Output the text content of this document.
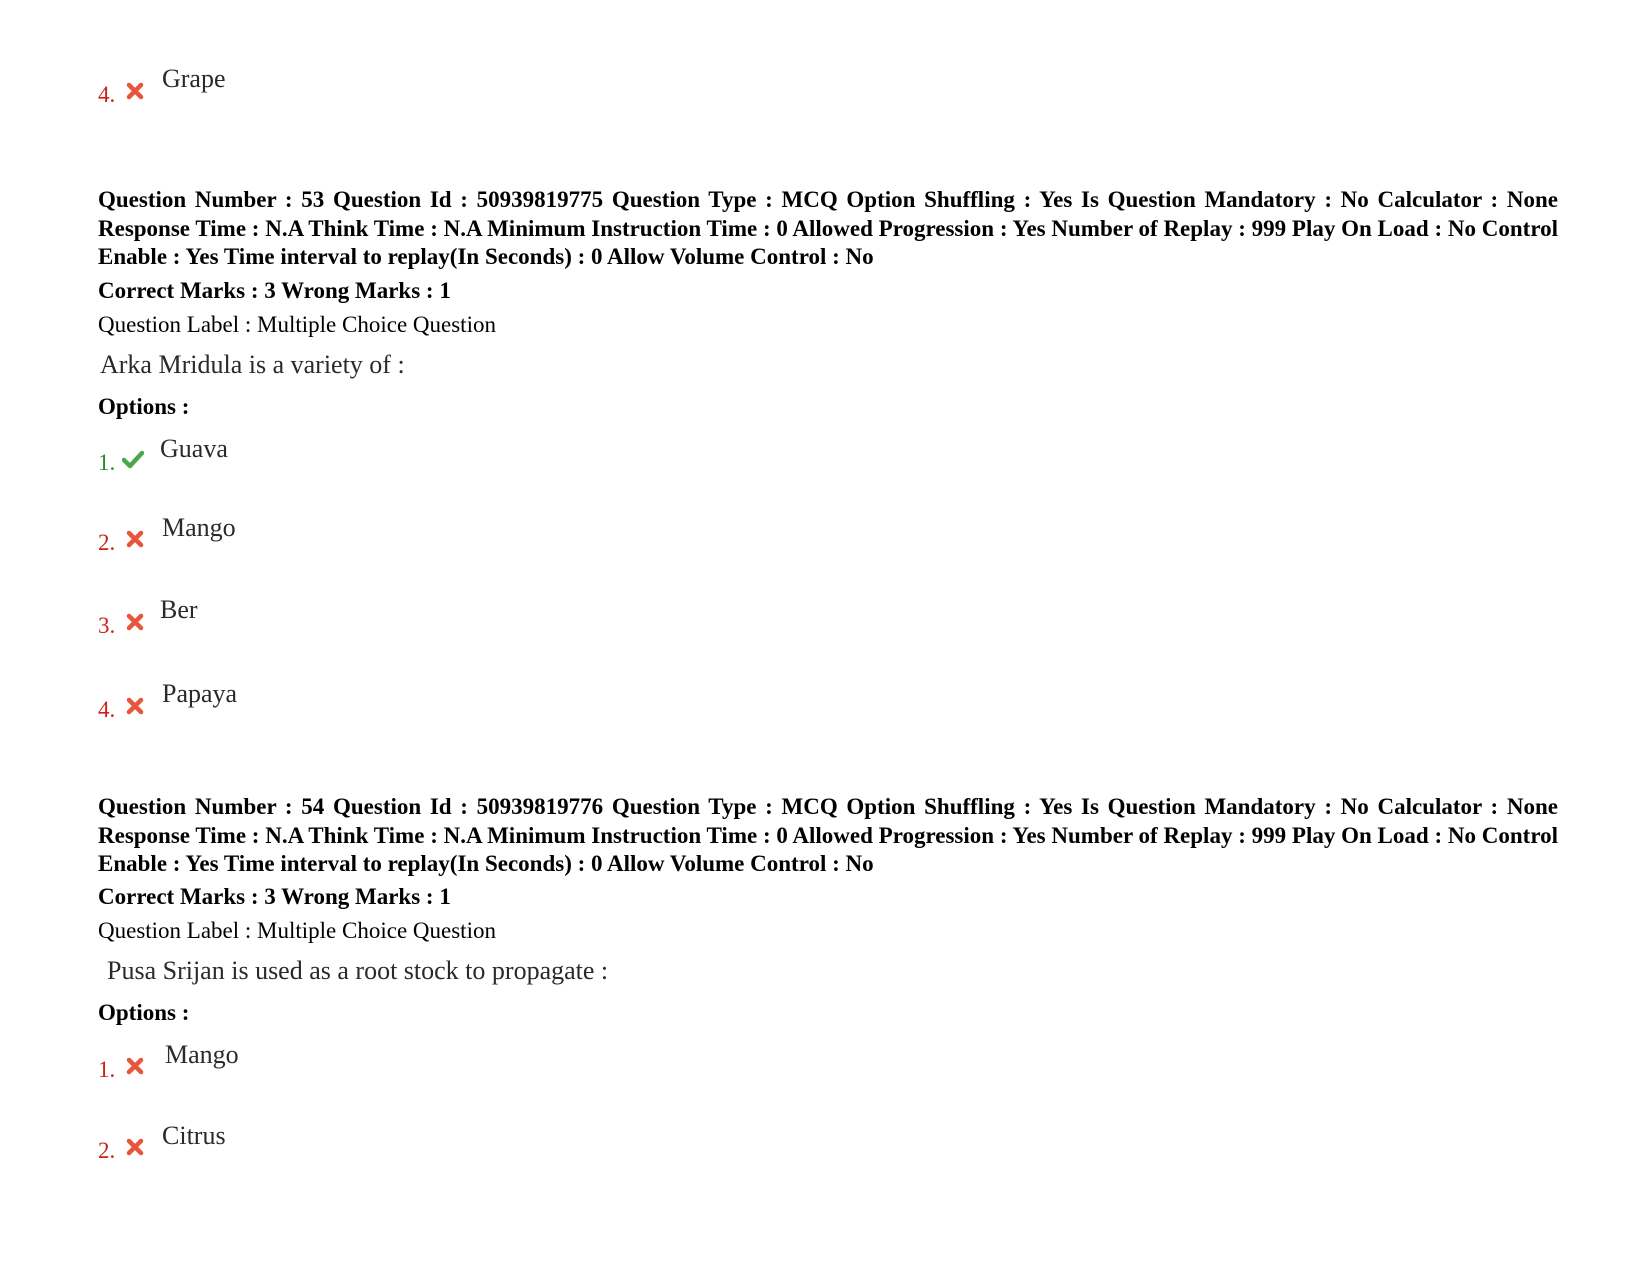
4.
Grape
Question Number : 53 Question Id : 50939819775 Question Type : MCQ Option Shuffling : Yes Is Question Mandatory : No Calculator : None Response Time : N.A Think Time : N.A Minimum Instruction Time : 0 Allowed Progression : Yes Number of Replay : 999 Play On Load : No Control Enable : Yes Time interval to replay(In Seconds) : 0 Allow Volume Control : No
Correct Marks : 3 Wrong Marks : 1
Question Label : Multiple Choice Question
Arka Mridula is a variety of :
Options :
1. Guava
2.
Mango
3.
Ber
4.
Papaya
Question Number : 54 Question Id : 50939819776 Question Type : MCQ Option Shuffling : Yes Is Question Mandatory : No Calculator : None Response Time : N.A Think Time : N.A Minimum Instruction Time : 0 Allowed Progression : Yes Number of Replay : 999 Play On Load : No Control Enable : Yes Time interval to replay(In Seconds) : 0 Allow Volume Control : No
Correct Marks : 3 Wrong Marks : 1
Question Label : Multiple Choice Question
Pusa Srijan is used as a root stock to propagate :
Options :
1.
Mango
2.
Citrus
